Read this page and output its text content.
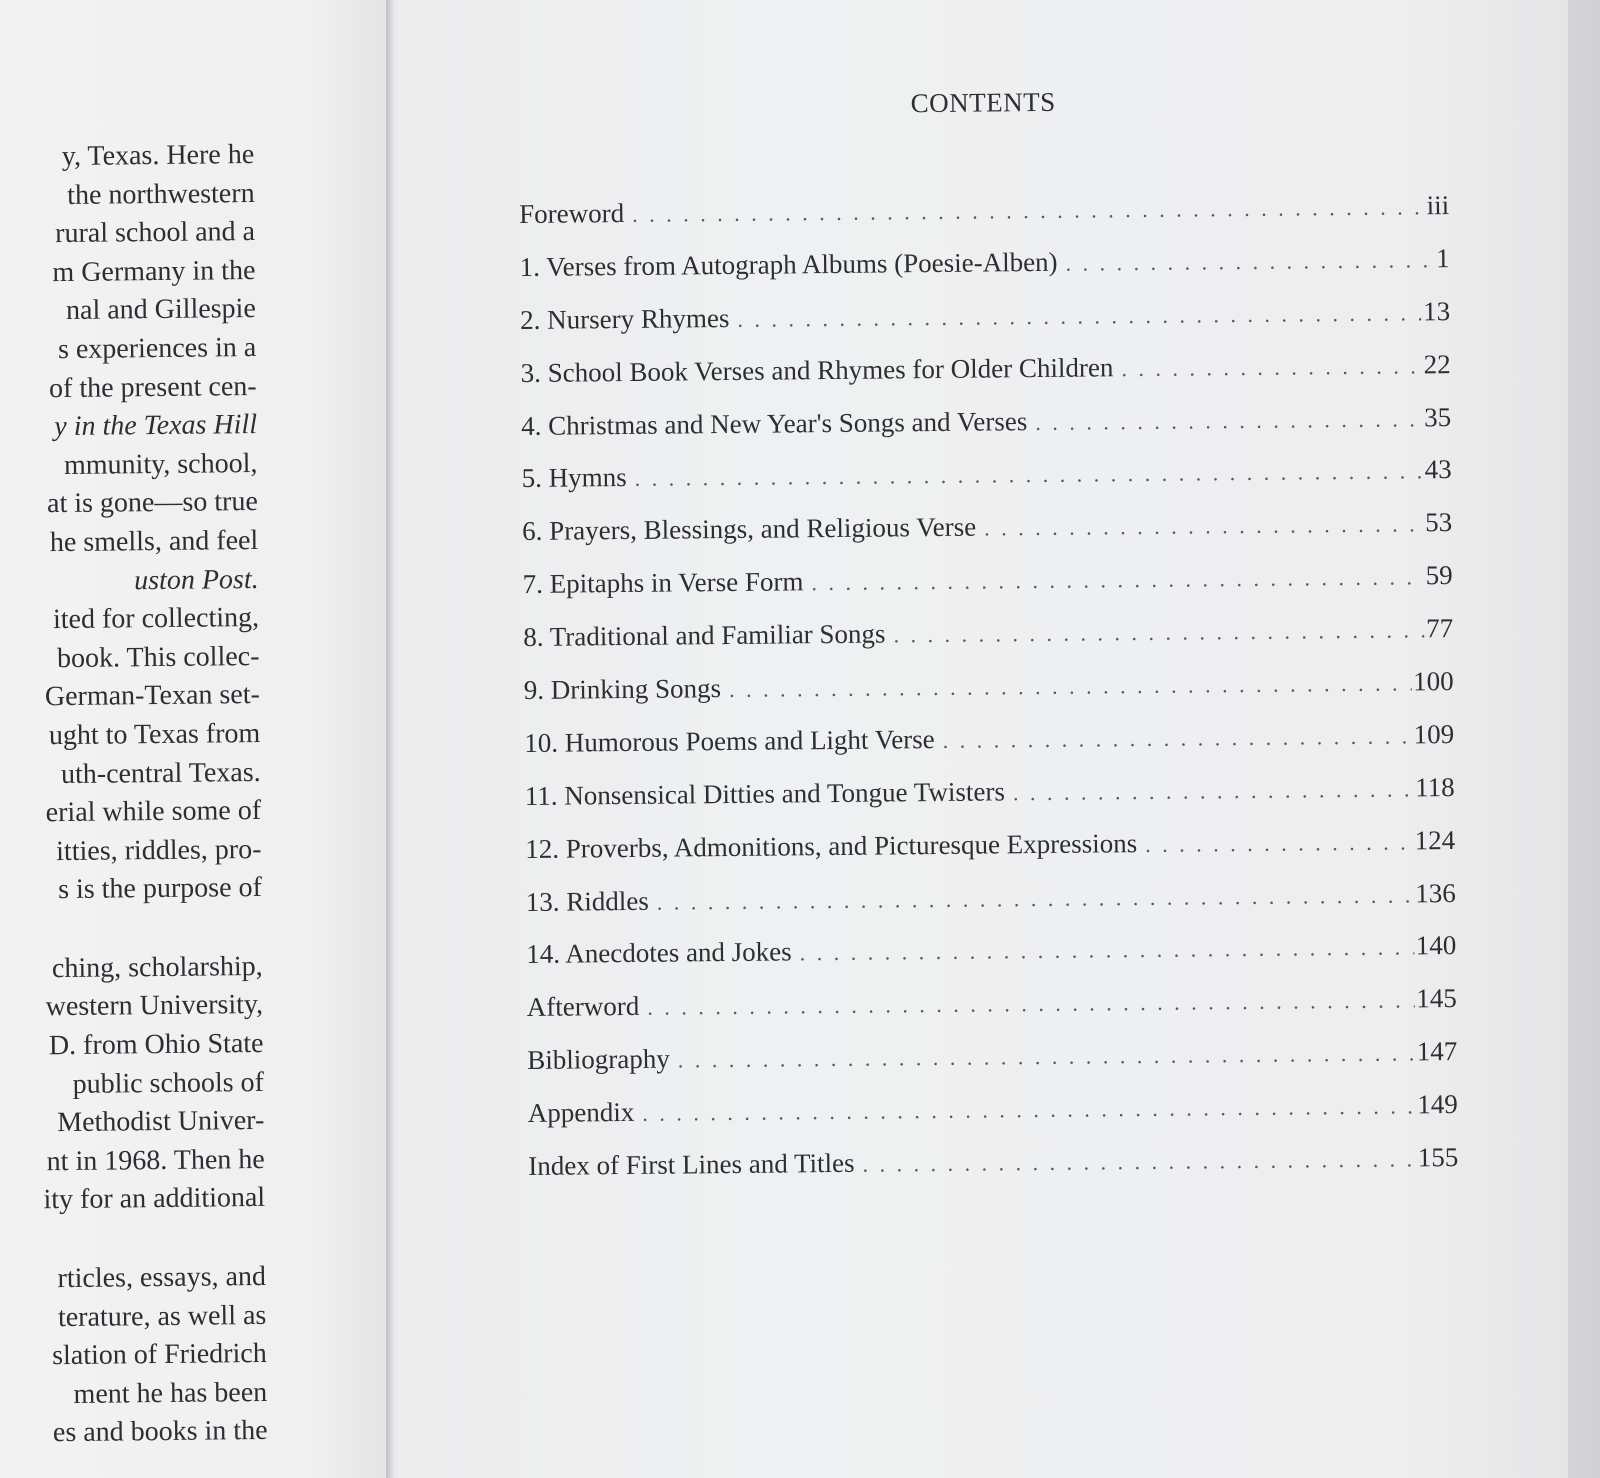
y, Texas. Here he
the northwestern
rural school and a
m Germany in the
nal and Gillespie
s experiences in a
of the present cen-
y in the Texas Hill
mmunity, school,
at is gone—so true
he smells, and feel
uston Post.
ited for collecting,
book. This collec-
German-Texan set-
ught to Texas from
uth-central Texas.
erial while some of
itties, riddles, pro-
s is the purpose of
ching, scholarship,
western University,
D. from Ohio State
public schools of
Methodist Univer-
nt in 1968. Then he
ity for an additional
rticles, essays, and
terature, as well as
slation of Friedrich
ment he has been
es and books in the
CONTENTS
Foreword . . .	iii
1. Verses from Autograph Albums (Poesie-Alben) . . .	1
2. Nursery Rhymes . . .	13
3. School Book Verses and Rhymes for Older Children . . .	22
4. Christmas and New Year's Songs and Verses . . .	35
5. Hymns . . .	43
6. Prayers, Blessings, and Religious Verse . . .	53
7. Epitaphs in Verse Form . . .	59
8. Traditional and Familiar Songs . . .	77
9. Drinking Songs . . .	100
10. Humorous Poems and Light Verse . . .	109
11. Nonsensical Ditties and Tongue Twisters . . .	118
12. Proverbs, Admonitions, and Picturesque Expressions . . .	124
13. Riddles . . .	136
14. Anecdotes and Jokes . . .	140
Afterword . . .	145
Bibliography . . .	147
Appendix . . .	149
Index of First Lines and Titles . . .	155
